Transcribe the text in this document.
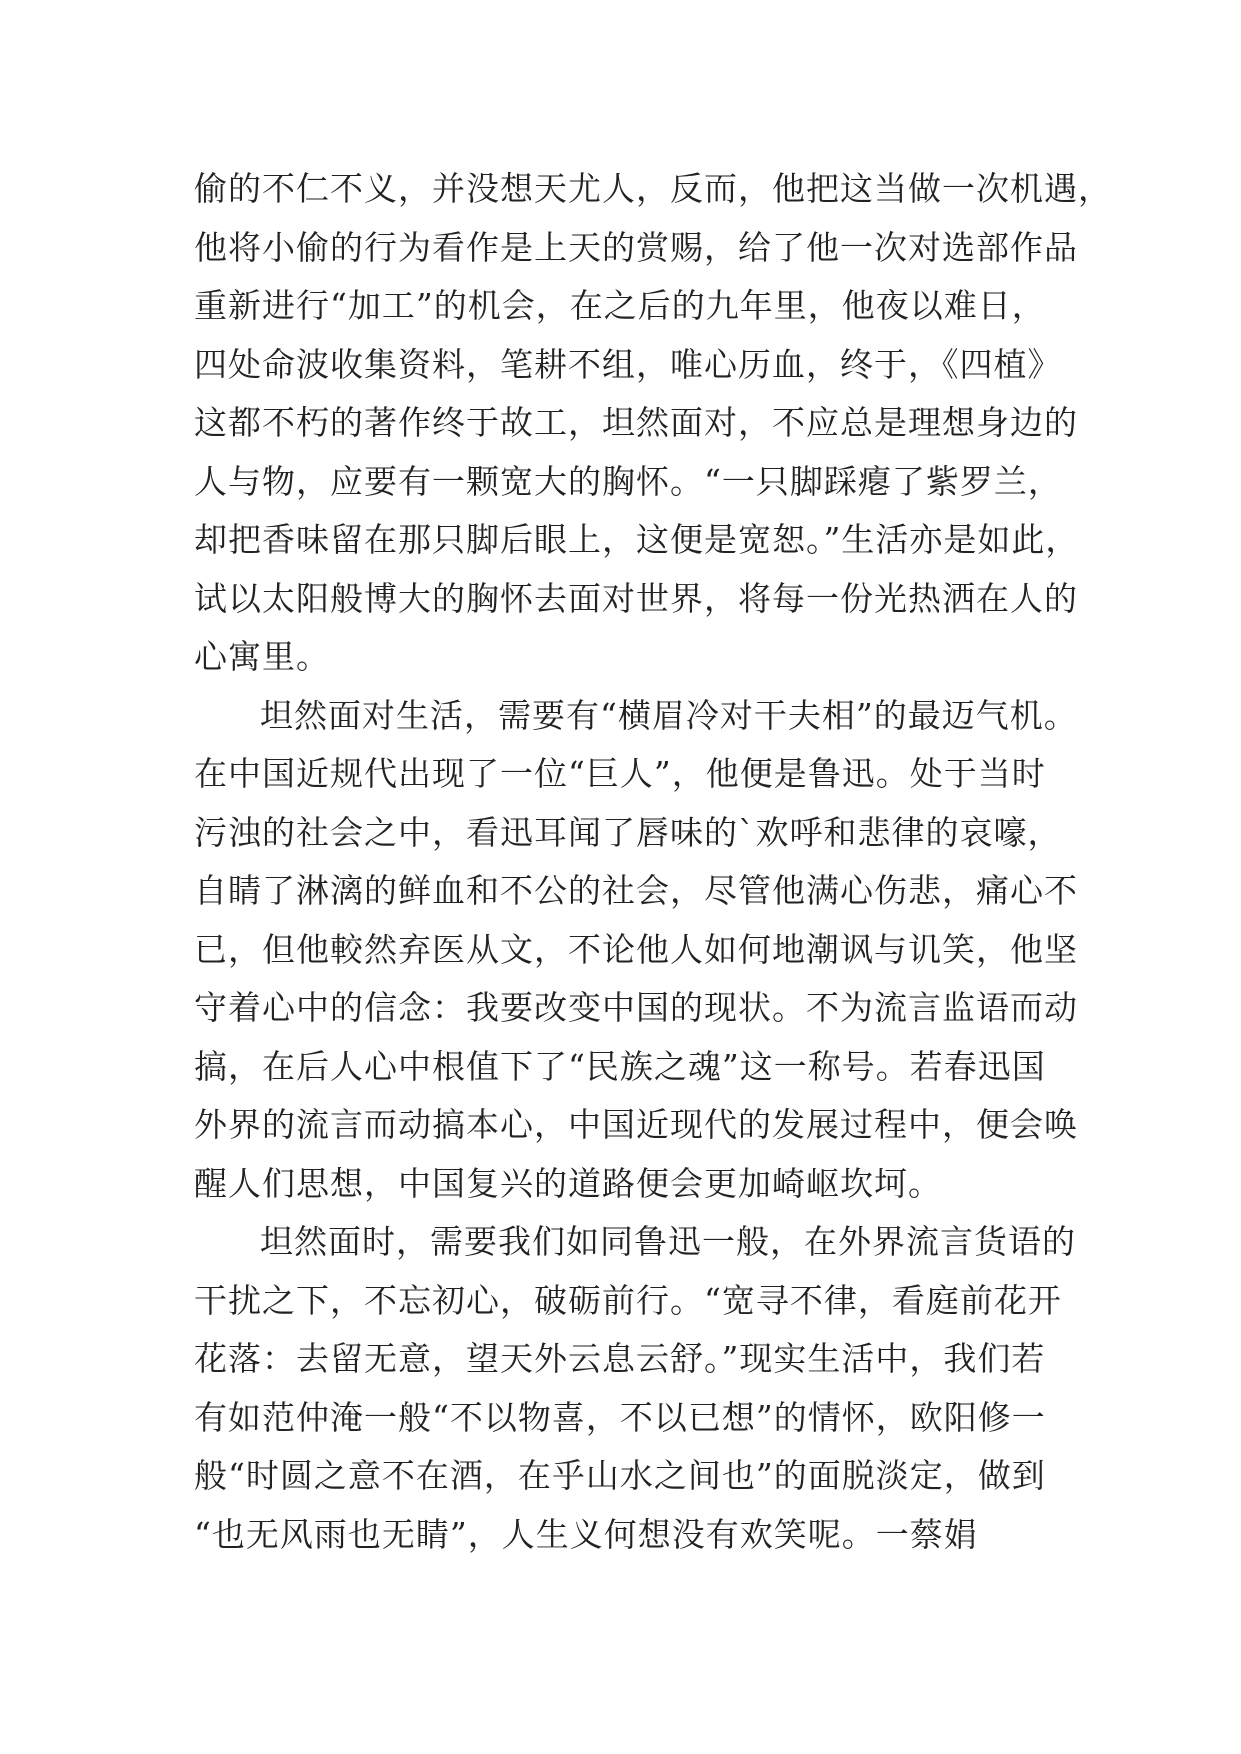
偷的不仁不义，并没想天尤人，反而，他把这当做一次机遇，
他将小偷的行为看作是上天的赏赐，给了他一次对选部作品
重新进行“加工”的机会，在之后的九年里，他夜以难日，
四处命波收集资料，笔耕不组，唯心历血，终于，《四植》
这都不朽的著作终于故工，坦然面对，不应总是理想身边的
人与物，应要有一颗宽大的胸怀。“一只脚踩瘪了紫罗兰，
却把香味留在那只脚后眼上，这便是宽恕。”生活亦是如此，
试以太阳般博大的胸怀去面对世界，将每一份光热洒在人的
心寓里。
坦然面对生活，需要有“横眉冷对干夫相”的最迈气机。
在中国近规代出现了一位“巨人”，他便是鲁迅。处于当时
污浊的社会之中，看迅耳闻了唇味的`欢呼和悲律的哀嚎，
自睛了淋漓的鲜血和不公的社会，尽管他满心伤悲，痛心不
已，但他較然弃医从文，不论他人如何地潮讽与讥笑，他坚
守着心中的信念：我要改变中国的现状。不为流言监语而动
搞，在后人心中根值下了“民族之魂”这一称号。若春迅国
外界的流言而动搞本心，中国近现代的发展过程中，便会唤
醒人们思想，中国复兴的道路便会更加崎岖坎坷。
坦然面时，需要我们如同鲁迅一般，在外界流言货语的
干扰之下，不忘初心，破砺前行。“宽寻不律，看庭前花开
花落：去留无意，望天外云息云舒。”现实生活中，我们若
有如范仲淹一般“不以物喜，不以已想”的情怀，欧阳修一
般“时圆之意不在酒，在乎山水之间也”的面脱淡定，做到
“也无风雨也无睛”，人生义何想没有欢笑呢。一蔡娟
